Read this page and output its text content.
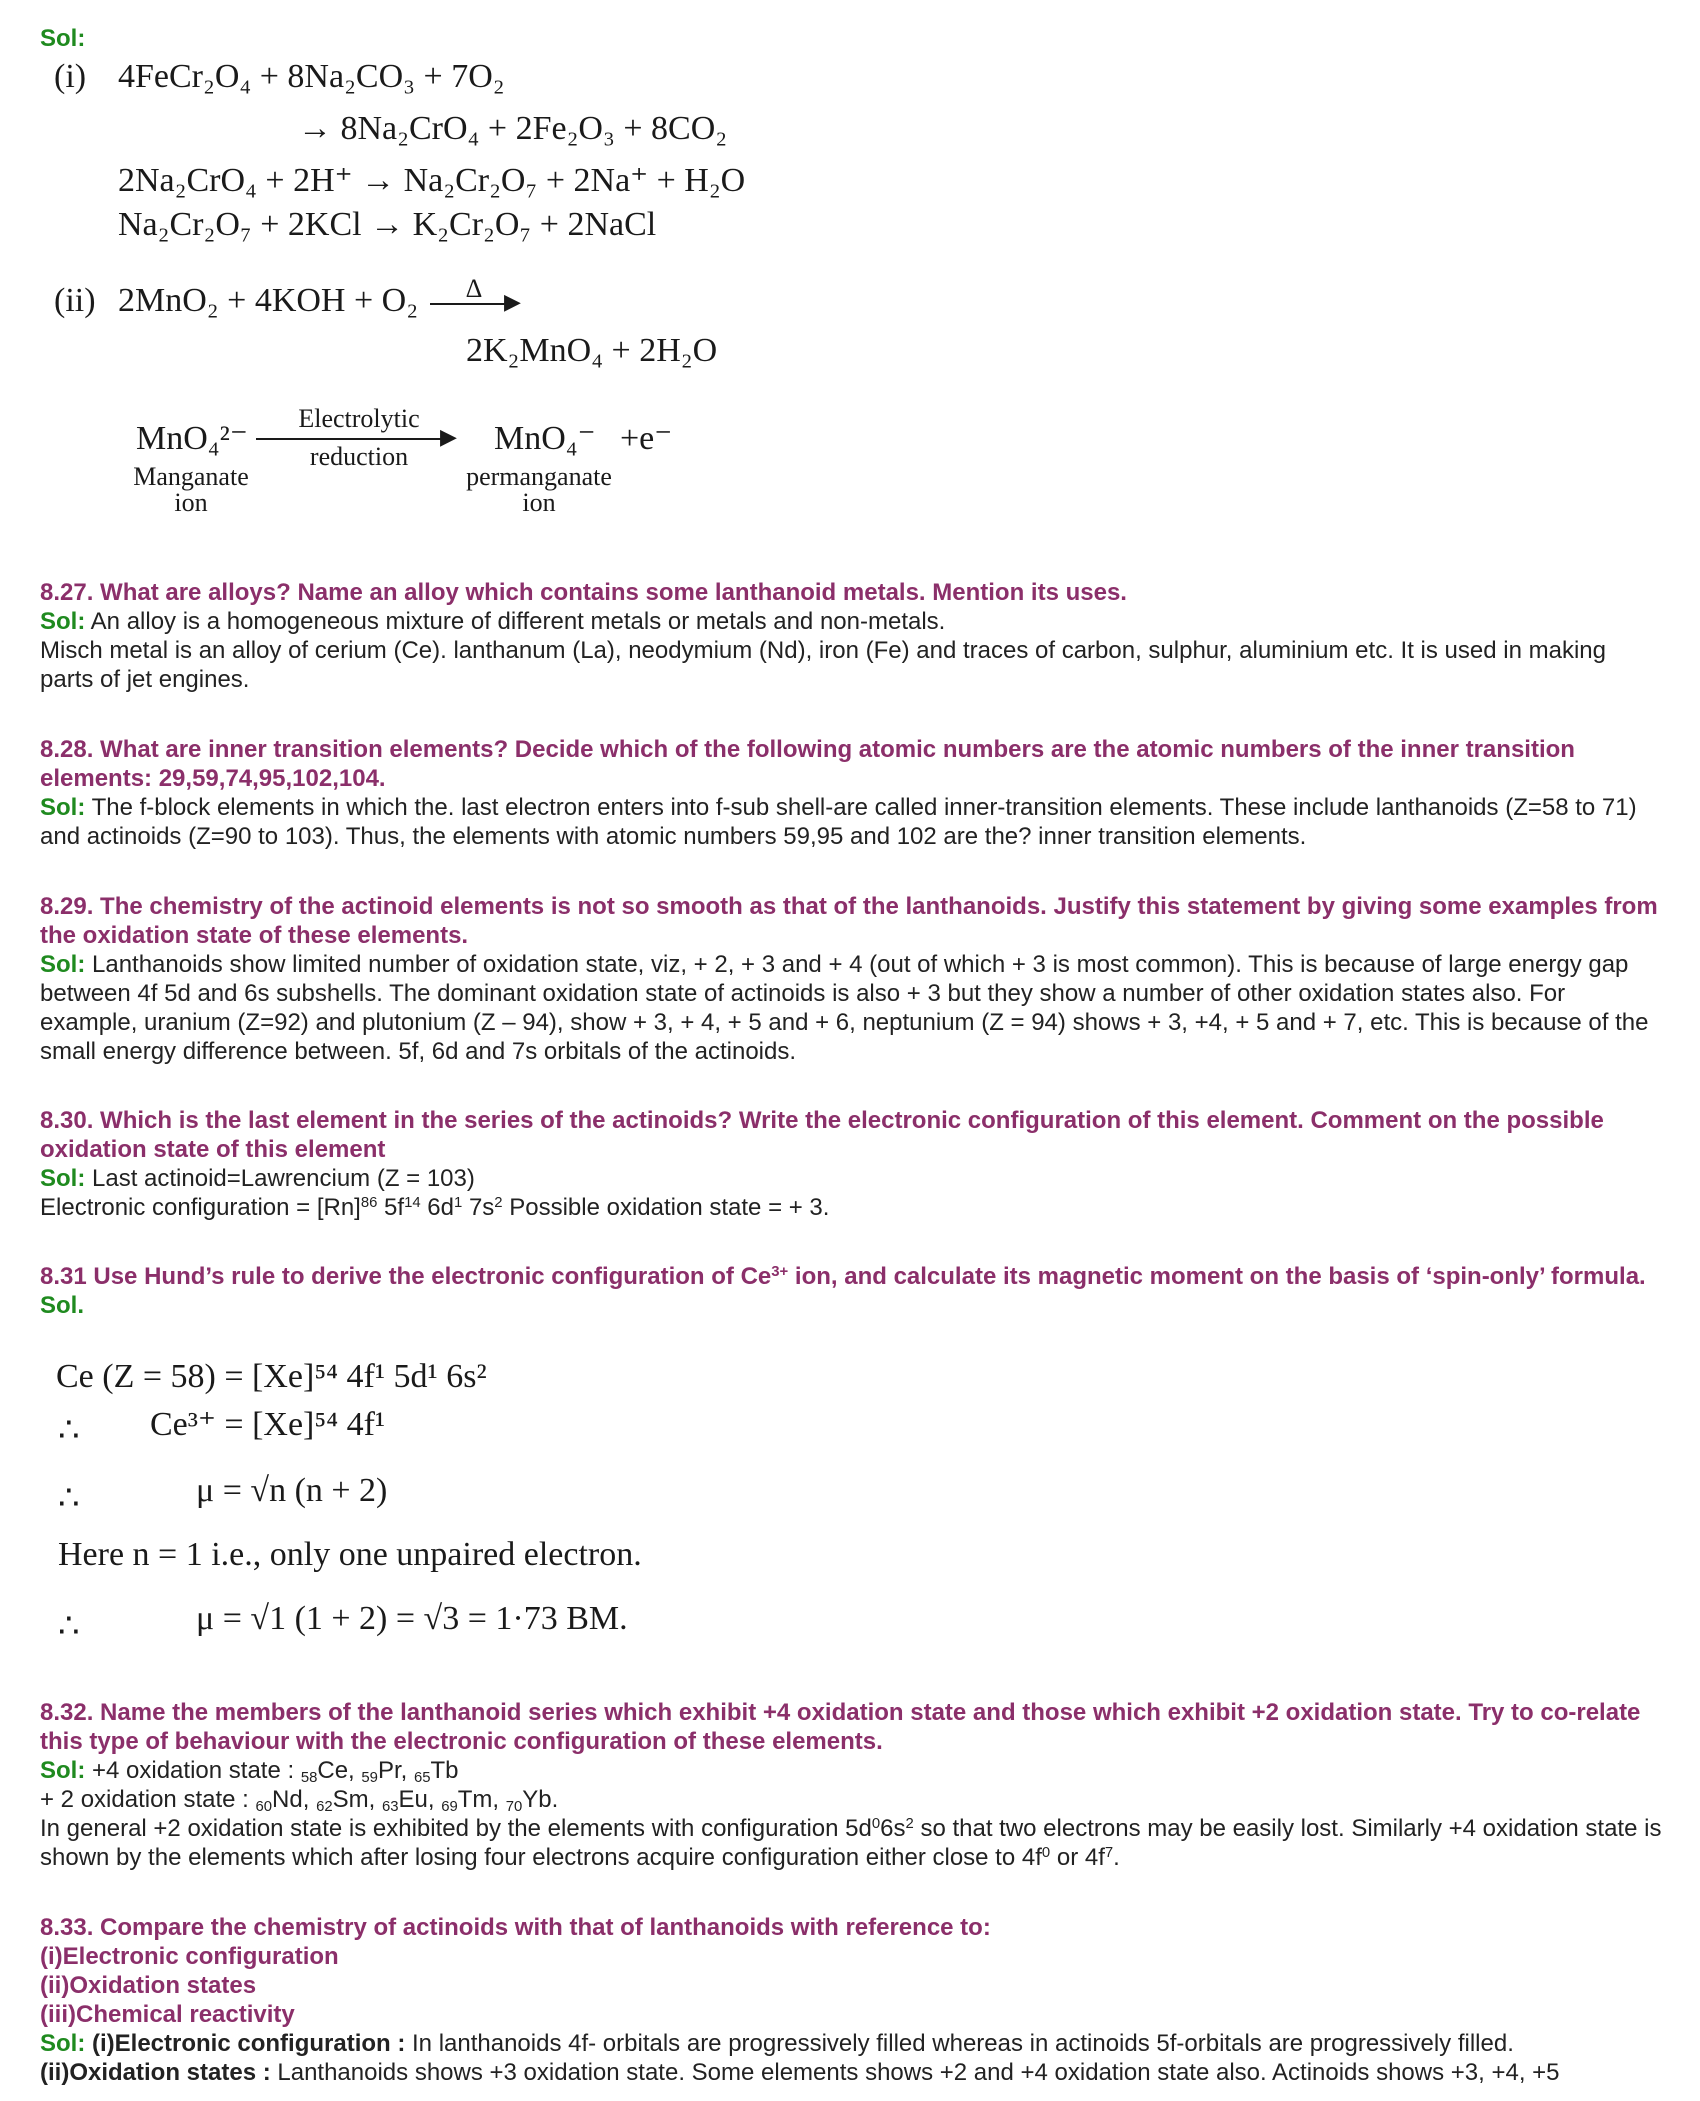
Sol:
(i) 4FeCr₂O₄ + 8Na₂CO₃ + 7O₂
→ 8Na₂CrO₄ + 2Fe₂O₃ + 8CO₂
2Na₂CrO₄ + 2H⁺ → Na₂Cr₂O₇ + 2Na⁺ + H₂O
Na₂Cr₂O₇ + 2KCl → K₂Cr₂O₇ + 2NaCl
(ii) 2MnO₂ + 4KOH + O₂ Δ ▶
2K₂MnO₄ + 2H₂O
MnO₄²⁻
Manganate
ion
Electrolytic
▶
reduction	MnO₄⁻ +e⁻
permanganate
ion
8.27. What are alloys? Name an alloy which contains some lanthanoid metals. Mention its uses.
Sol: An alloy is a homogeneous mixture of different metals or metals and non-metals.
Misch metal is an alloy of cerium (Ce). lanthanum (La), neodymium (Nd), iron (Fe) and traces of carbon, sulphur, aluminium etc. It is used in making parts of jet engines.
8.28. What are inner transition elements? Decide which of the following atomic numbers are the atomic numbers of the inner transition elements: 29,59,74,95,102,104.
Sol: The f-block elements in which the. last electron enters into f-sub shell-are called inner-transition elements. These include lanthanoids (Z=58 to 71) and actinoids (Z=90 to 103). Thus, the elements with atomic numbers 59,95 and 102 are the? inner transition elements.
8.29. The chemistry of the actinoid elements is not so smooth as that of the lanthanoids. Justify this statement by giving some examples from the oxidation state of these elements.
Sol: Lanthanoids show limited number of oxidation state, viz, + 2, + 3 and + 4 (out of which + 3 is most common). This is because of large energy gap between 4f 5d and 6s subshells. The dominant oxidation state of actinoids is also + 3 but they show a number of other oxidation states also. For example, uranium (Z=92) and plutonium (Z – 94), show + 3, + 4, + 5 and + 6, neptunium (Z = 94) shows + 3, +4, + 5 and + 7, etc. This is because of the small energy difference between. 5f, 6d and 7s orbitals of the actinoids.
8.30. Which is the last element in the series of the actinoids? Write the electronic configuration of this element. Comment on the possible oxidation state of this element
Sol: Last actinoid=Lawrencium (Z = 103)
Electronic configuration = $[Rn]^{86}$ $5f^{14}$ $6d^1$ $7s^2$ Possible oxidation state = + 3.
8.31 Use Hund’s rule to derive the electronic configuration of $Ce^{3+}$ ion, and calculate its magnetic moment on the basis of ‘spin-only’ formula.
Sol.
Ce (Z = 58) = [Xe]⁵⁴ 4f¹ 5d¹ 6s²
∴ Ce³⁺ = [Xe]⁵⁴ 4f¹
∴	μ = √n (n + 2)
Here n = 1 i.e., only one unpaired electron.
∴	μ = √1 (1 + 2) = √3 = 1·73 BM.
8.32. Name the members of the lanthanoid series which exhibit +4 oxidation state and those which exhibit +2 oxidation state. Try to co-relate this type of behaviour with the electronic configuration of these elements.
Sol: +4 oxidation state : $_{58}$Ce, $_{59}$Pr, $_{65}$Tb
+ 2 oxidation state : $_{60}$Nd, $_{62}$Sm, $_{63}$Eu, $_{69}$Tm, $_{70}$Yb.
In general +2 oxidation state is exhibited by the elements with configuration $5d^06s^2$ so that two electrons may be easily lost. Similarly +4 oxidation state is shown by the elements which after losing four electrons acquire configuration either close to $4f^0$ or $4f^7$.
8.33. Compare the chemistry of actinoids with that of lanthanoids with reference to:
(i)Electronic configuration
(ii)Oxidation states
(iii)Chemical reactivity
Sol: (i)Electronic configuration : In lanthanoids 4f- orbitals are progressively filled whereas in actinoids 5f-orbitals are progressively filled.
(ii)Oxidation states : Lanthanoids shows +3 oxidation state. Some elements shows +2 and +4 oxidation state also. Actinoids shows +3, +4, +5
